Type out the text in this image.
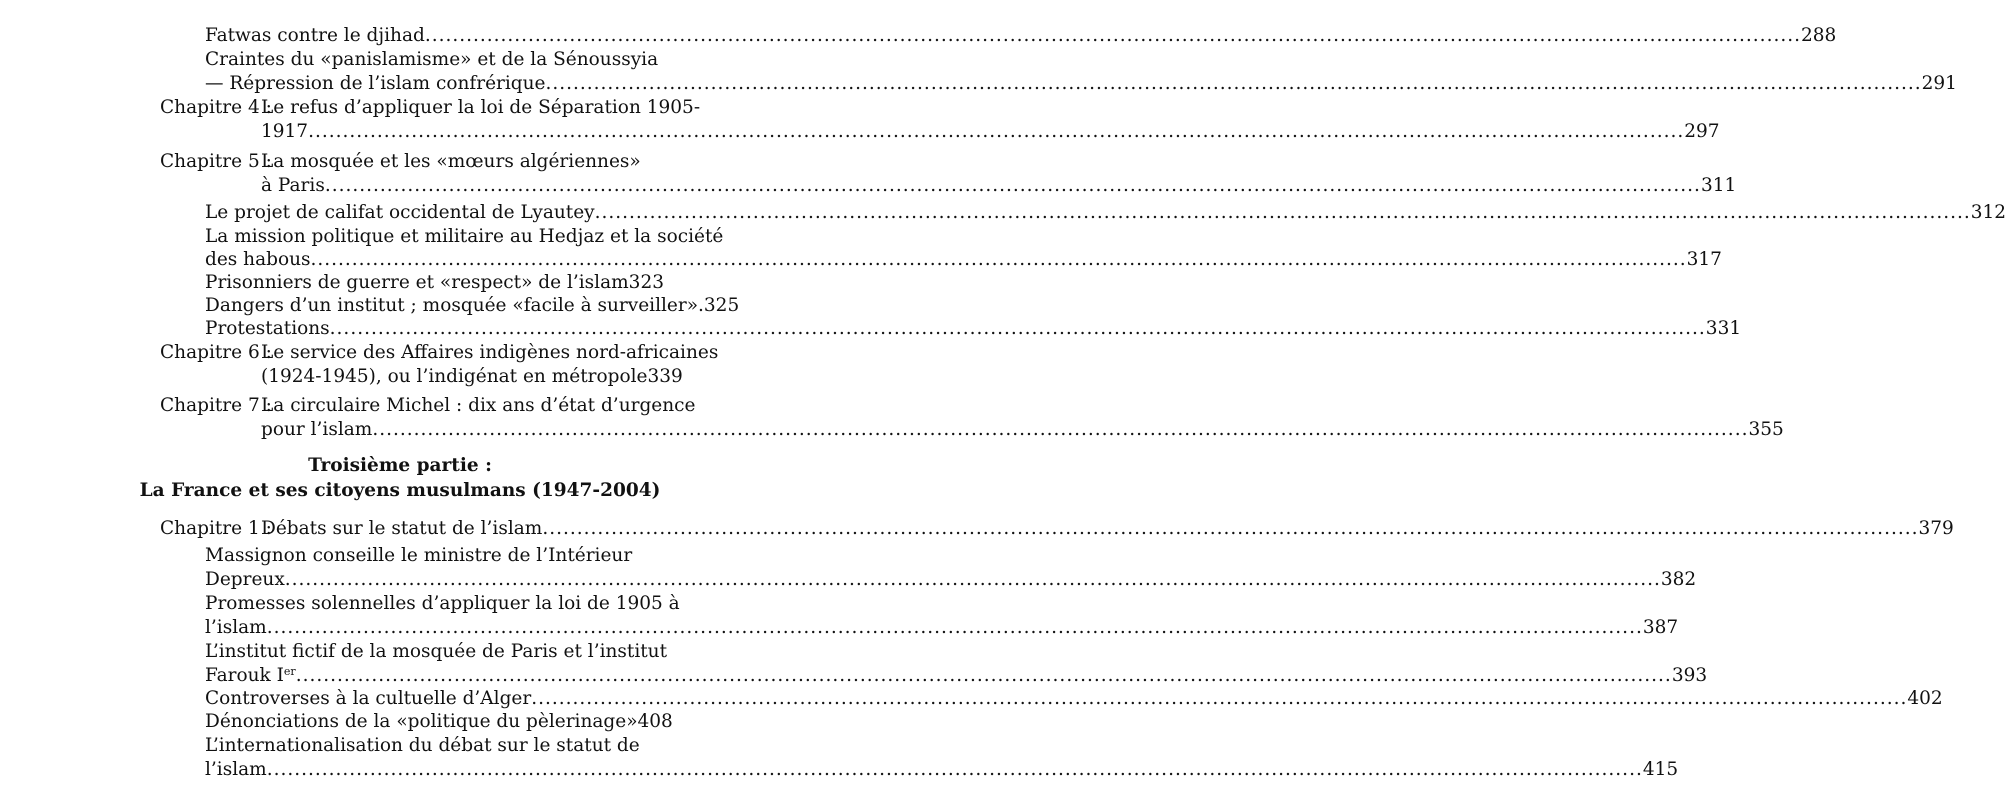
Fatwas contre le djihad .....	288
Craintes du «panislamisme» et de la Sénoussyia
— Répression de l’islam confrérique .....	291
Chapitre 4 :
Le refus d’appliquer la loi de Séparation 1905-
1917 .....	297
Chapitre 5 :
La mosquée et les «mœurs algériennes»
à Paris .....	311
Le projet de califat occidental de Lyautey .....	312
La mission politique et militaire au Hedjaz et la société
des habous .....	317
Prisonniers de guerre et «respect» de l’islam 323
Dangers d’un institut ; mosquée «facile à surveiller». 325
Protestations .....	331
Chapitre 6 :
Le service des Affaires indigènes nord-africaines
(1924-1945), ou l’indigénat en métropole 339
Chapitre 7 :
La circulaire Michel : dix ans d’état d’urgence
pour l’islam .....	355
Troisième partie :
La France et ses citoyens musulmans (1947-2004)
Chapitre 1 :
Débats sur le statut de l’islam .....	379
Massignon conseille le ministre de l’Intérieur
Depreux .....	382
Promesses solennelles d’appliquer la loi de 1905 à
l’islam .....	387
L’institut fictif de la mosquée de Paris et l’institut
Farouk Ier .....	393
Controverses à la cultuelle d’Alger .....	402
Dénonciations de la «politique du pèlerinage» 408
L’internationalisation du débat sur le statut de
l’islam .....	415
